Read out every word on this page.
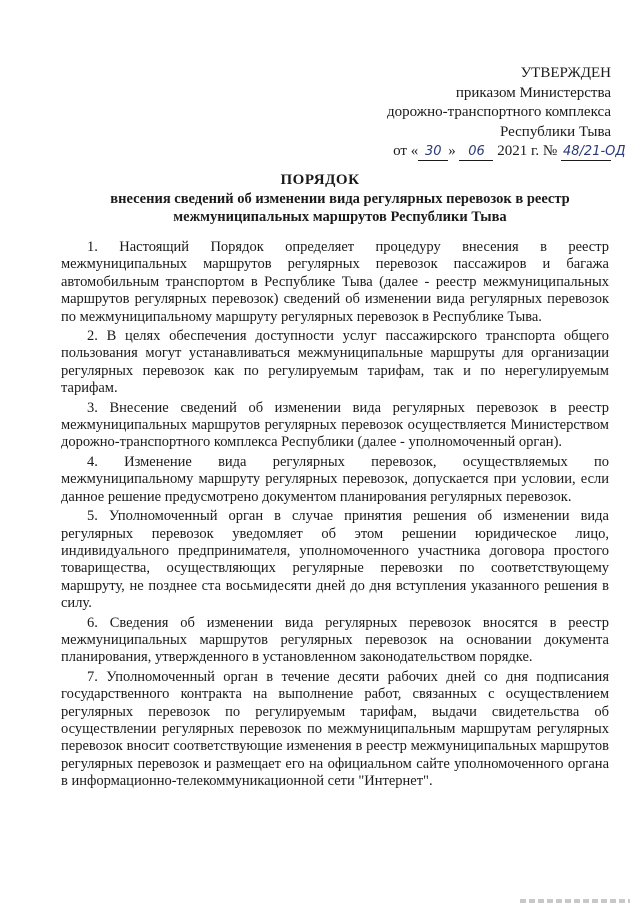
УТВЕРЖДЕН
приказом Министерства
дорожно-транспортного комплекса
Республики Тыва
от « 30 » 06 2021 г. № 48/21-ОД
ПОРЯДОК
внесения сведений об изменении вида регулярных перевозок в реестр межмуниципальных маршрутов Республики Тыва

1. Настоящий Порядок определяет процедуру внесения в реестр межмуниципальных маршрутов регулярных перевозок пассажиров и багажа автомобильным транспортом в Республике Тыва (далее - реестр межмуниципальных маршрутов регулярных перевозок) сведений об изменении вида регулярных перевозок по межмуниципальному маршруту регулярных перевозок в Республике Тыва.

2. В целях обеспечения доступности услуг пассажирского транспорта общего пользования могут устанавливаться межмуниципальные маршруты для организации регулярных перевозок как по регулируемым тарифам, так и по нерегулируемым тарифам.

3. Внесение сведений об изменении вида регулярных перевозок в реестр межмуниципальных маршрутов регулярных перевозок осуществляется Министерством дорожно-транспортного комплекса Республики (далее - уполномоченный орган).

4. Изменение вида регулярных перевозок, осуществляемых по межмуниципальному маршруту регулярных перевозок, допускается при условии, если данное решение предусмотрено документом планирования регулярных перевозок.

5. Уполномоченный орган в случае принятия решения об изменении вида регулярных перевозок уведомляет об этом решении юридическое лицо, индивидуального предпринимателя, уполномоченного участника договора простого товарищества, осуществляющих регулярные перевозки по соответствующему маршруту, не позднее ста восьмидесяти дней до дня вступления указанного решения в силу.

6. Сведения об изменении вида регулярных перевозок вносятся в реестр межмуниципальных маршрутов регулярных перевозок на основании документа планирования, утвержденного в установленном законодательством порядке.

7. Уполномоченный орган в течение десяти рабочих дней со дня подписания государственного контракта на выполнение работ, связанных с осуществлением регулярных перевозок по регулируемым тарифам, выдачи свидетельства об осуществлении регулярных перевозок по межмуниципальным маршрутам регулярных перевозок вносит соответствующие изменения в реестр межмуниципальных маршрутов регулярных перевозок и размещает его на официальном сайте уполномоченного органа в информационно-телекоммуникационной сети "Интернет".
